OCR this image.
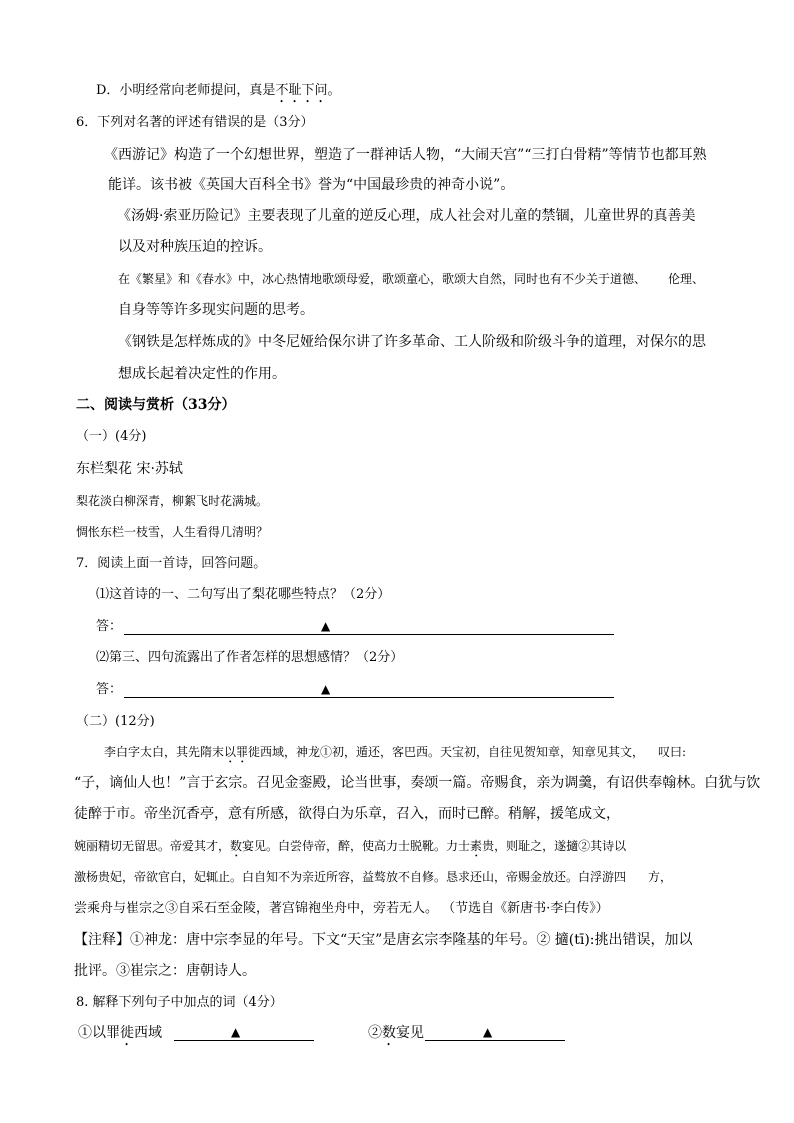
D．小明经常向老师提问，真是不耻下问。
6．下列对名著的评述有错误的是（3分）
《西游记》构造了一个幻想世界，塑造了一群神话人物，“大闹天宫”“三打白骨精”等情节也都耳熟
能详。该书被《英国大百科全书》誉为“中国最珍贵的神奇小说”。
《汤姆·索亚历险记》主要表现了儿童的逆反心理，成人社会对儿童的禁锢，儿童世界的真善美
以及对种族压迫的控诉。
在《繁星》和《春水》中，冰心热情地歌颂母爱，歌颂童心，歌颂大自然，同时也有不少关于道德、 伦理、
自身等等许多现实问题的思考。
《钢铁是怎样炼成的》中冬尼娅给保尔讲了许多革命、工人阶级和阶级斗争的道理，对保尔的思
想成长起着决定性的作用。
二、阅读与赏析（33分）
（一）(4分)
东栏梨花 宋·苏轼
梨花淡白柳深青，柳絮飞时花满城。
惆怅东栏一枝雪，人生看得几清明？
7．阅读上面一首诗，回答问题。
⑴这首诗的一、二句写出了梨花哪些特点？（2分）
答：	▲
⑵第三、四句流露出了作者怎样的思想感情？（2分）
答：	▲
（二）(12分)
李白字太白，其先隋末以罪徙西域，神龙①初，遁还，客巴西。天宝初，自往见贺知章，知章见其文， 叹曰:
“子，谪仙人也！”言于玄宗。召见金銮殿，论当世事，奏颂一篇。帝赐食，亲为调羹，有诏供奉翰林。白犹与饮
徒醉于市。帝坐沉香亭，意有所感，欲得白为乐章，召入，而时已醉。稍解，援笔成文，
婉丽精切无留思。帝爱其才，数宴见。白尝侍帝，醉，使高力士脱靴。力士素贵，则耻之，遂擿②其诗以
激杨贵妃，帝欲官白，妃辄止。白自知不为亲近所容，益骜放不自修。恳求还山，帝赐金放还。白浮游四 方，
尝乘舟与崔宗之③自采石至金陵，著宫锦袍坐舟中，旁若无人。 （节选自《新唐书·李白传》）
【注释】①神龙：唐中宗李显的年号。下文“天宝”是唐玄宗李隆基的年号。② 擿(tī):挑出错误，加以
批评。③崔宗之：唐朝诗人。
8. 解释下列句子中加点的词（4分）
①以罪徙西域	▲	②数宴见	▲
